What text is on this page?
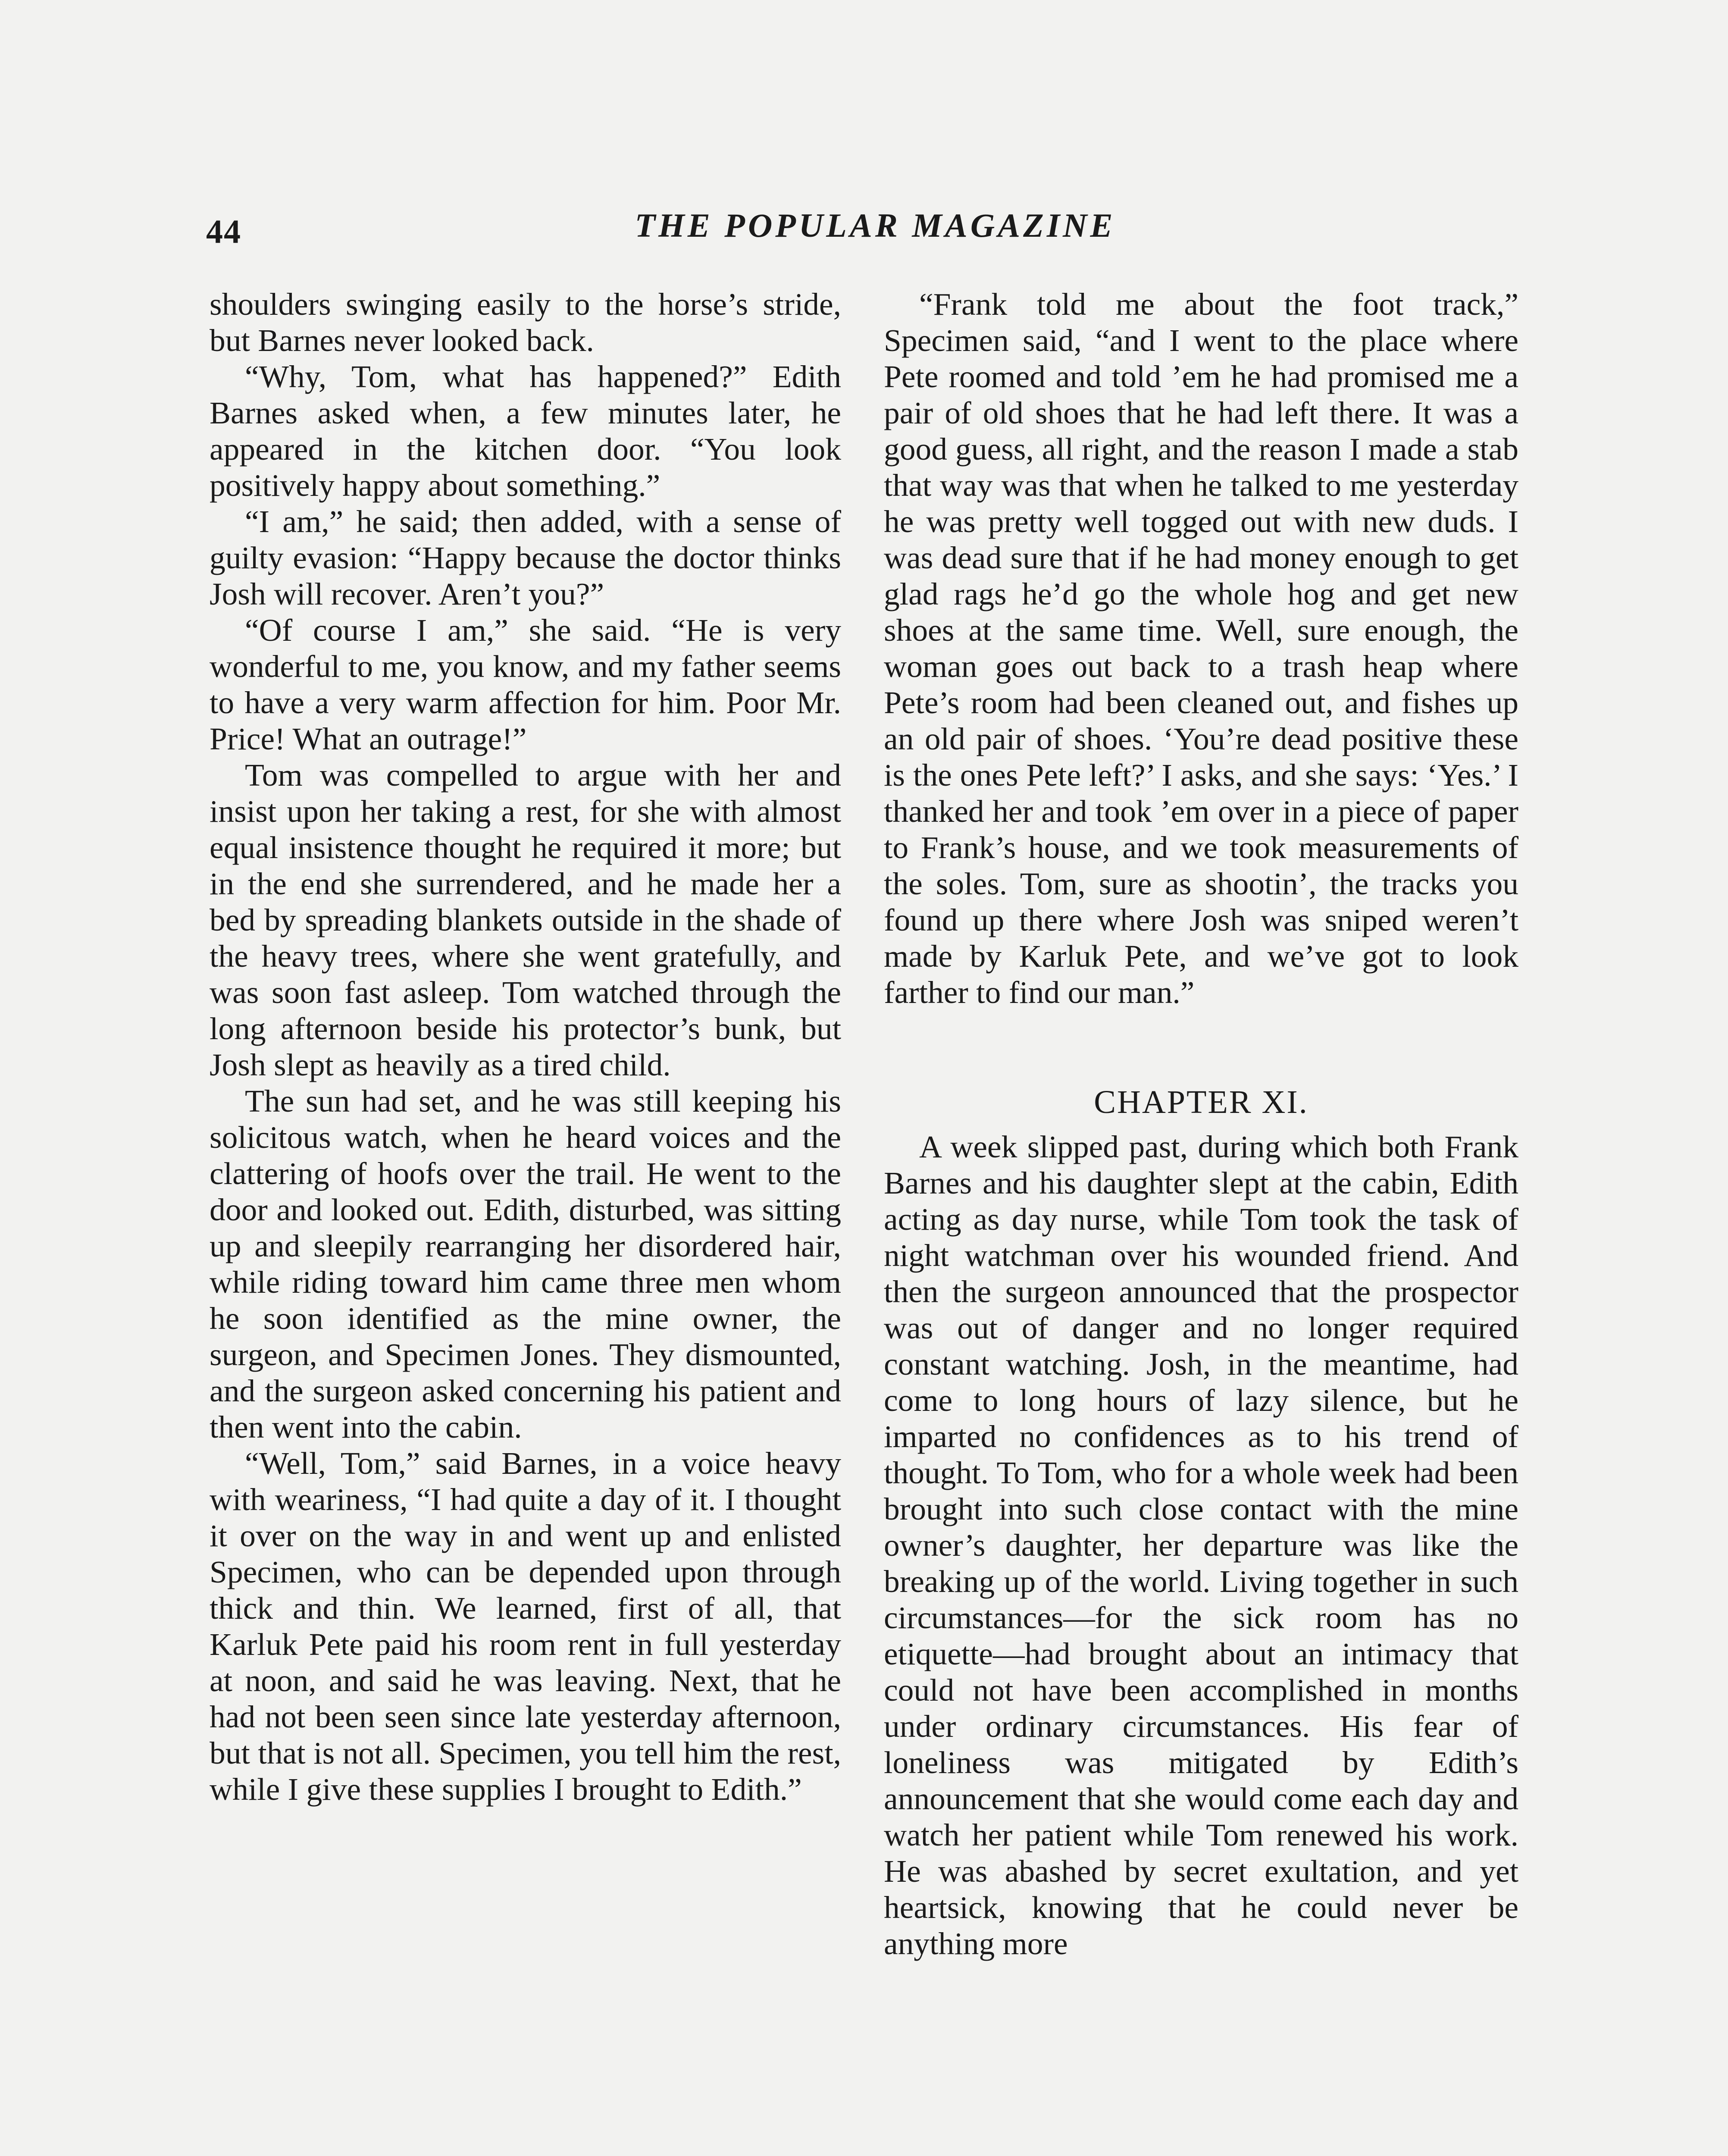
44	THE POPULAR MAGAZINE

shoulders swinging easily to the horse’s stride, but Barnes never looked back.

“Why, Tom, what has happened?” Edith Barnes asked when, a few minutes later, he appeared in the kitchen door. “You look positively happy about something.”

“I am,” he said; then added, with a sense of guilty evasion: “Happy because the doctor thinks Josh will recover. Aren’t you?”

“Of course I am,” she said. “He is very wonderful to me, you know, and my father seems to have a very warm affection for him. Poor Mr. Price! What an outrage!”

Tom was compelled to argue with her and insist upon her taking a rest, for she with almost equal insistence thought he required it more; but in the end she surrendered, and he made her a bed by spreading blankets outside in the shade of the heavy trees, where she went gratefully, and was soon fast asleep. Tom watched through the long afternoon beside his protector’s bunk, but Josh slept as heavily as a tired child.

The sun had set, and he was still keeping his solicitous watch, when he heard voices and the clattering of hoofs over the trail. He went to the door and looked out. Edith, disturbed, was sitting up and sleepily rearranging her disordered hair, while riding toward him came three men whom he soon identified as the mine owner, the surgeon, and Specimen Jones. They dismounted, and the surgeon asked concerning his patient and then went into the cabin.

“Well, Tom,” said Barnes, in a voice heavy with weariness, “I had quite a day of it. I thought it over on the way in and went up and enlisted Specimen, who can be depended upon through thick and thin. We learned, first of all, that Karluk Pete paid his room rent in full yesterday at noon, and said he was leaving. Next, that he had not been seen since late yesterday afternoon, but that is not all. Specimen, you tell him the rest, while I give these supplies I brought to Edith.”

“Frank told me about the foot track,” Specimen said, “and I went to the place where Pete roomed and told ’em he had promised me a pair of old shoes that he had left there. It was a good guess, all right, and the reason I made a stab that way was that when he talked to me yesterday he was pretty well togged out with new duds. I was dead sure that if he had money enough to get glad rags he’d go the whole hog and get new shoes at the same time. Well, sure enough, the woman goes out back to a trash heap where Pete’s room had been cleaned out, and fishes up an old pair of shoes. ‘You’re dead positive these is the ones Pete left?’ I asks, and she says: ‘Yes.’ I thanked her and took ’em over in a piece of paper to Frank’s house, and we took measurements of the soles. Tom, sure as shootin’, the tracks you found up there where Josh was sniped weren’t made by Karluk Pete, and we’ve got to look farther to find our man.”

CHAPTER XI.

A week slipped past, during which both Frank Barnes and his daughter slept at the cabin, Edith acting as day nurse, while Tom took the task of night watchman over his wounded friend. And then the surgeon announced that the prospector was out of danger and no longer required constant watching. Josh, in the meantime, had come to long hours of lazy silence, but he imparted no confidences as to his trend of thought. To Tom, who for a whole week had been brought into such close contact with the mine owner’s daughter, her departure was like the breaking up of the world. Living together in such circumstances—for the sick room has no etiquette—had brought about an intimacy that could not have been accomplished in months under ordinary circumstances. His fear of loneliness was mitigated by Edith’s announcement that she would come each day and watch her patient while Tom renewed his work. He was abashed by secret exultation, and yet heartsick, knowing that he could never be anything more
